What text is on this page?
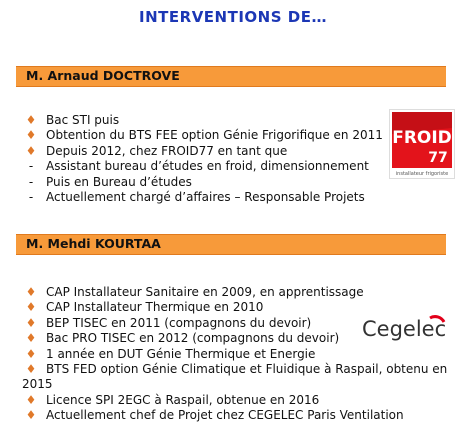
INTERVENTIONS DE…
M. Arnaud DOCTROVE
♦ Bac STI puis
♦ Obtention du BTS FEE option Génie Frigorifique en 2011
♦ Depuis 2012, chez FROID77 en tant que
-	Assistant bureau d’études en froid, dimensionnement
-	Puis en Bureau d’études
-	Actuellement chargé d’affaires – Responsable Projets
FROID
77
installateur frigoriste
M. Mehdi KOURTAA
♦ CAP Installateur Sanitaire en 2009, en apprentissage
♦ CAP Installateur Thermique en 2010
♦ BEP TISEC en 2011 (compagnons du devoir)
♦ Bac PRO TISEC en 2012 (compagnons du devoir)
♦ 1 année en DUT Génie Thermique et Energie
♦ BTS FED option Génie Climatique et Fluidique à Raspail, obtenu en
2015
♦ Licence SPI 2EGC à Raspail, obtenue en 2016
♦ Actuellement chef de Projet chez CEGELEC Paris Ventilation
Cegelec
